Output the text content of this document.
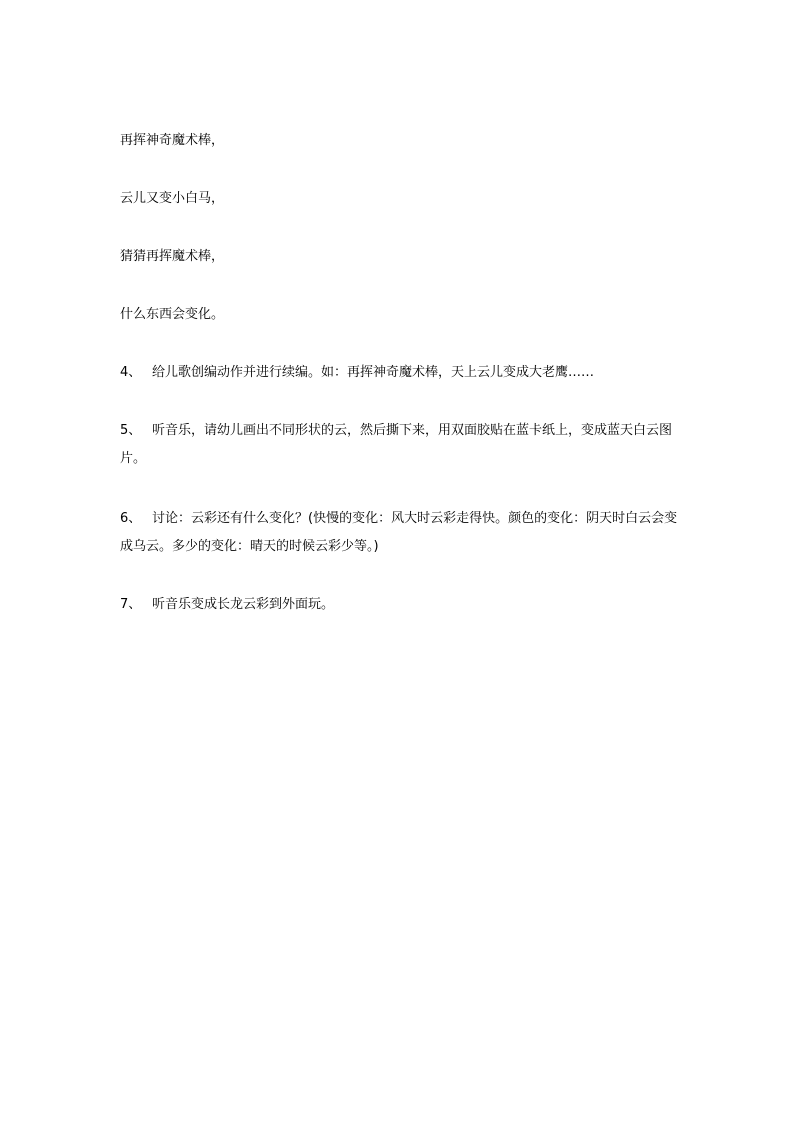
再挥神奇魔术棒，
云儿又变小白马，
猜猜再挥魔术棒，
什么东西会变化。
4、 给儿歌创编动作并进行续编。如：再挥神奇魔术棒，天上云儿变成大老鹰……
5、 听音乐，请幼儿画出不同形状的云，然后撕下来，用双面胶贴在蓝卡纸上，变成蓝天白云图片。
6、 讨论：云彩还有什么变化？(快慢的变化：风大时云彩走得快。颜色的变化：阴天时白云会变成乌云。多少的变化：晴天的时候云彩少等。)
7、 听音乐变成长龙云彩到外面玩。
